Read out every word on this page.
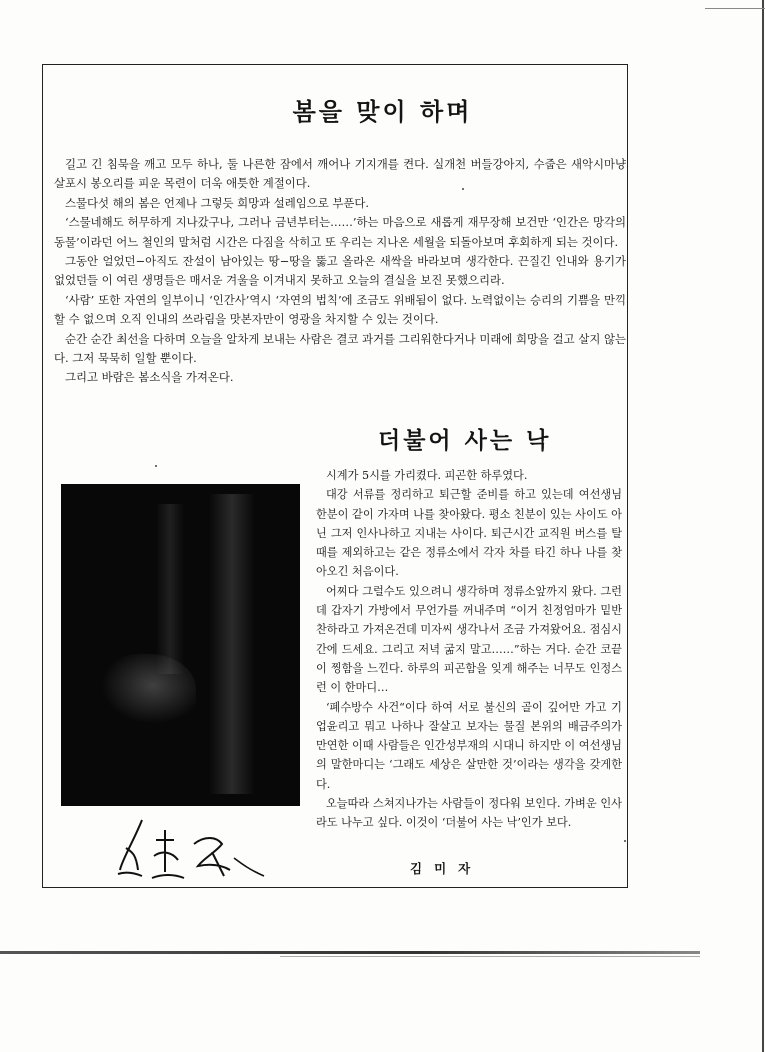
봄을 맞이 하며

길고 긴 침묵을 깨고 모두 하나, 둘 나른한 잠에서 깨어나 기지개를 켠다. 실개천 버들강아지, 수줍은 새악시마냥 살포시 봉오리를 피운 목련이 더욱 애틋한 계절이다.

스물다섯 해의 봄은 언제나 그렇듯 희망과 설레임으로 부푼다.

‘스물네해도 허무하게 지나갔구나, 그러나 금년부터는……’하는 마음으로 새롭게 재무장해 보건만 ‘인간은 망각의 동물’이라던 어느 철인의 말처럼 시간은 다짐을 삭히고 또 우리는 지나온 세월을 되돌아보며 후회하게 되는 것이다.

그동안 얼었던−아직도 잔설이 남아있는 땅−땅을 뚫고 올라온 새싹을 바라보며 생각한다. 끈질긴 인내와 용기가 없었던들 이 여린 생명들은 매서운 겨울을 이겨내지 못하고 오늘의 결실을 보진 못했으리라.

‘사람’ 또한 자연의 일부이니 ‘인간사’역시 ‘자연의 법칙’에 조금도 위배됨이 없다. 노력없이는 승리의 기쁨을 만끽할 수 없으며 오직 인내의 쓰라림을 맛본자만이 영광을 차지할 수 있는 것이다.

순간 순간 최선을 다하며 오늘을 알차게 보내는 사람은 결코 과거를 그리워한다거나 미래에 희망을 걸고 살지 않는다. 그저 묵묵히 일할 뿐이다.

그리고 바람은 봄소식을 가져온다.

더불어 사는 낙

시계가 5시를 가리켰다. 피곤한 하루였다.

대강 서류를 정리하고 퇴근할 준비를 하고 있는데 여선생님 한분이 같이 가자며 나를 찾아왔다. 평소 친분이 있는 사이도 아닌 그저 인사나하고 지내는 사이다. 퇴근시간 교직원 버스를 탈때를 제외하고는 같은 정류소에서 각자 차를 타긴 하나 나를 찾아오긴 처음이다.

어찌다 그럴수도 있으려니 생각하며 정류소앞까지 왔다. 그런데 갑자기 가방에서 무언가를 꺼내주며 “이거 친정엄마가 밑반찬하라고 가져온건데 미자씨 생각나서 조금 가져왔어요. 점심시간에 드세요. 그리고 저녁 굶지 말고……”하는 거다. 순간 코끝이 찡함을 느낀다. 하루의 피곤함을 잊게 해주는 너무도 인정스런 이 한마디…

‘폐수방수 사건“이다 하여 서로 불신의 골이 깊어만 가고 기업윤리고 뭐고 나하나 잘살고 보자는 물질 본위의 배금주의가 만연한 이때 사람들은 인간성부재의 시대니 하지만 이 여선생님의 말한마디는 ‘그래도 세상은 살만한 것’이라는 생각을 갖게한다.

오늘따라 스쳐지나가는 사람들이 정다워 보인다. 가벼운 인사라도 나누고 싶다. 이것이 ‘더불어 사는 낙’인가 보다.

김미자
